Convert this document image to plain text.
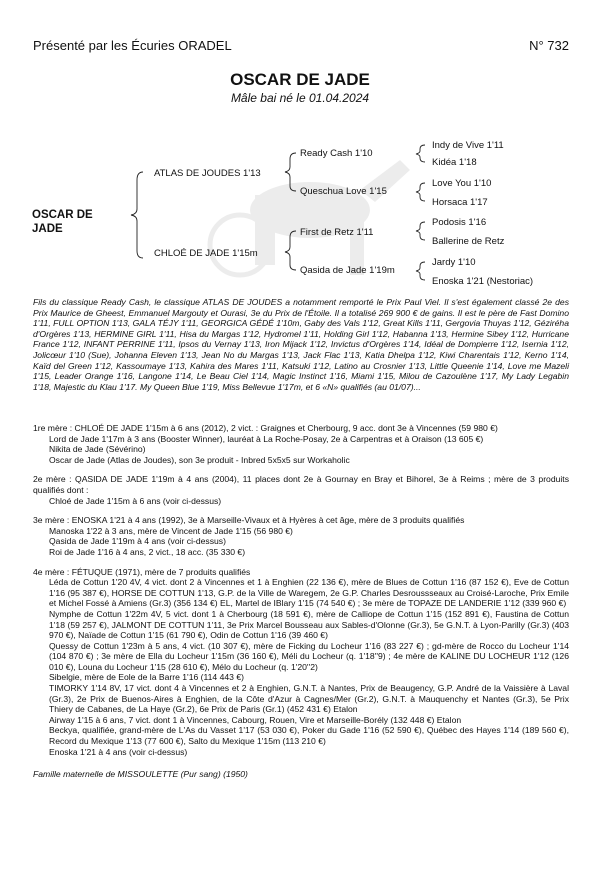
Présenté par les Écuries ORADEL	N° 732
OSCAR DE JADE
Mâle bai né le 01.04.2024
OSCAR DE JADE
ATLAS DE JOUDES 1'13
CHLOÉ DE JADE 1'15m
Ready Cash 1'10
Queschua Love 1'15
First de Retz 1'11
Qasida de Jade 1'19m
Indy de Vive 1'11
Kidéa 1'18
Love You 1'10
Horsaca 1'17
Podosis 1'16
Ballerine de Retz
Jardy 1'10
Enoska 1'21 (Nestoriac)

Fils du classique Ready Cash, le classique ATLAS DE JOUDES a notamment remporté le Prix Paul Viel. Il s'est également classé 2e des Prix Maurice de Gheest, Emmanuel Margouty et Ourasi, 3e du Prix de l'Étoile. Il a totalisé 269 900 € de gains. Il est le père de Fast Domino 1'11, FULL OPTION 1'13, GALA TÉJY 1'11, GEORGICA GÉDÉ 1'10m, Gaby des Vals 1'12, Great Kills 1'11, Gergovia Thuyas 1'12, Géziréha d'Orgères 1'13, HERMINE GIRL 1'11, Hisa du Margas 1'12, Hydromel 1'11, Holding Girl 1'12, Habanna 1'13, Hermine Sibey 1'12, Hurricane France 1'12, INFANT PERRINE 1'11, Ipsos du Vernay 1'13, Iron Mijack 1'12, Invictus d'Orgères 1'14, Idéal de Dompierre 1'12, Isernia 1'12, Jolicœur 1'10 (Sue), Johanna Eleven 1'13, Jean No du Margas 1'13, Jack Flac 1'13, Katia Dhelpa 1'12, Kiwi Charentais 1'12, Kerno 1'14, Kaïd del Green 1'12, Kassoumaye 1'13, Kahira des Mares 1'11, Katsuki 1'12, Latino au Crosnier 1'13, Little Queenie 1'14, Love me Mazeli 1'15, Leader Orange 1'16, Langone 1'14, Le Beau Ciel 1'14, Magic Instinct 1'16, Miami 1'15, Milou de Cazoulène 1'17, My Lady Legabin 1'18, Majestic du Klau 1'17. My Queen Blue 1'19, Miss Bellevue 1'17m, et 6 «N» qualifiés (au 01/07)...

1re mère : CHLOÉ DE JADE 1'15m à 6 ans (2012), 2 vict. : Graignes et Cherbourg, 9 acc. dont 3e à Vincennes (59 980 €)

Lord de Jade 1'17m à 3 ans (Booster Winner), lauréat à La Roche-Posay, 2e à Carpentras et à Oraison (13 605 €)

Nikita de Jade (Sévérino)

Oscar de Jade (Atlas de Joudes), son 3e produit - Inbred 5x5x5 sur Workaholic

2e mère : QASIDA DE JADE 1'19m à 4 ans (2004), 11 places dont 2e à Gournay en Bray et Bihorel, 3e à Reims ; mère de 3 produits qualifiés dont :

Chloé de Jade 1'15m à 6 ans (voir ci-dessus)

3e mère : ENOSKA 1'21 à 4 ans (1992), 3e à Marseille-Vivaux et à Hyères à cet âge, mère de 3 produits qualifiés

Manoska 1'22 à 3 ans, mère de Vincent de Jade 1'15 (56 980 €)

Qasida de Jade 1'19m à 4 ans (voir ci-dessus)

Roi de Jade 1'16 à 4 ans, 2 vict., 18 acc. (35 330 €)

4e mère : FÉTUQUE (1971), mère de 7 produits qualifiés

Léda de Cottun 1'20 4V, 4 vict. dont 2 à Vincennes et 1 à Enghien (22 136 €), mère de Blues de Cottun 1'16 (87 152 €), Eve de Cottun 1'16 (95 387 €), HORSE DE COTTUN 1'13, G.P. de la Ville de Waregem, 2e G.P. Charles Desroussseaux au Croisé-Laroche, Prix Emile et Michel Fossé à Amiens (Gr.3) (356 134 €) EL, Martel de IBlary 1'15 (74 540 €) ; 3e mère de TOPAZE DE LANDERIE 1'12 (339 960 €)

Nymphe de Cottun 1'22m 4V, 5 vict. dont 1 à Cherbourg (18 591 €), mère de Calliope de Cottun 1'15 (152 891 €), Faustina de Cottun 1'18 (59 257 €), JALMONT DE COTTUN 1'11, 3e Prix Marcel Bousseau aux Sables-d'Olonne (Gr.3), 5e G.N.T. à Lyon-Parilly (Gr.3) (403 970 €), Naïade de Cottun 1'15 (61 790 €), Odin de Cottun 1'16 (39 460 €)

Quessy de Cottun 1'23m à 5 ans, 4 vict. (10 307 €), mère de Ficking du Locheur 1'16 (83 227 €) ; gd-mère de Rocco du Locheur 1'14 (104 870 €) ; 3e mère de Ella du Locheur 1'15m (36 160 €), Méli du Locheur (q. 1'18''9) ; 4e mère de KALINE DU LOCHEUR 1'12 (126 010 €), Louna du Locheur 1'15 (28 610 €), Mélo du Locheur (q. 1'20''2)

Sibelgie, mère de Eole de la Barre 1'16 (114 443 €)

TIMORKY 1'14 8V, 17 vict. dont 4 à Vincennes et 2 à Enghien, G.N.T. à Nantes, Prix de Beaugency, G.P. André de la Vaissière à Laval (Gr.3), 2e Prix de Buenos-Aires à Enghien, de la Côte d'Azur à Cagnes/Mer (Gr.2), G.N.T. à Mauquenchy et Nantes (Gr.3), 5e Prix Thiery de Cabanes, de La Haye (Gr.2), 6e Prix de Paris (Gr.1) (452 431 €) Etalon

Airway 1'15 à 6 ans, 7 vict. dont 1 à Vincennes, Cabourg, Rouen, Vire et Marseille-Borély (132 448 €) Etalon

Beckya, qualifiée, grand-mère de L'As du Vasset 1'17 (53 030 €), Poker du Gade 1'16 (52 590 €), Québec des Hayes 1'14 (189 560 €), Record du Mexique 1'13 (77 600 €), Salto du Mexique 1'15m (113 210 €)

Enoska 1'21 à 4 ans (voir ci-dessus)

Famille maternelle de MISSOULETTE (Pur sang) (1950)
